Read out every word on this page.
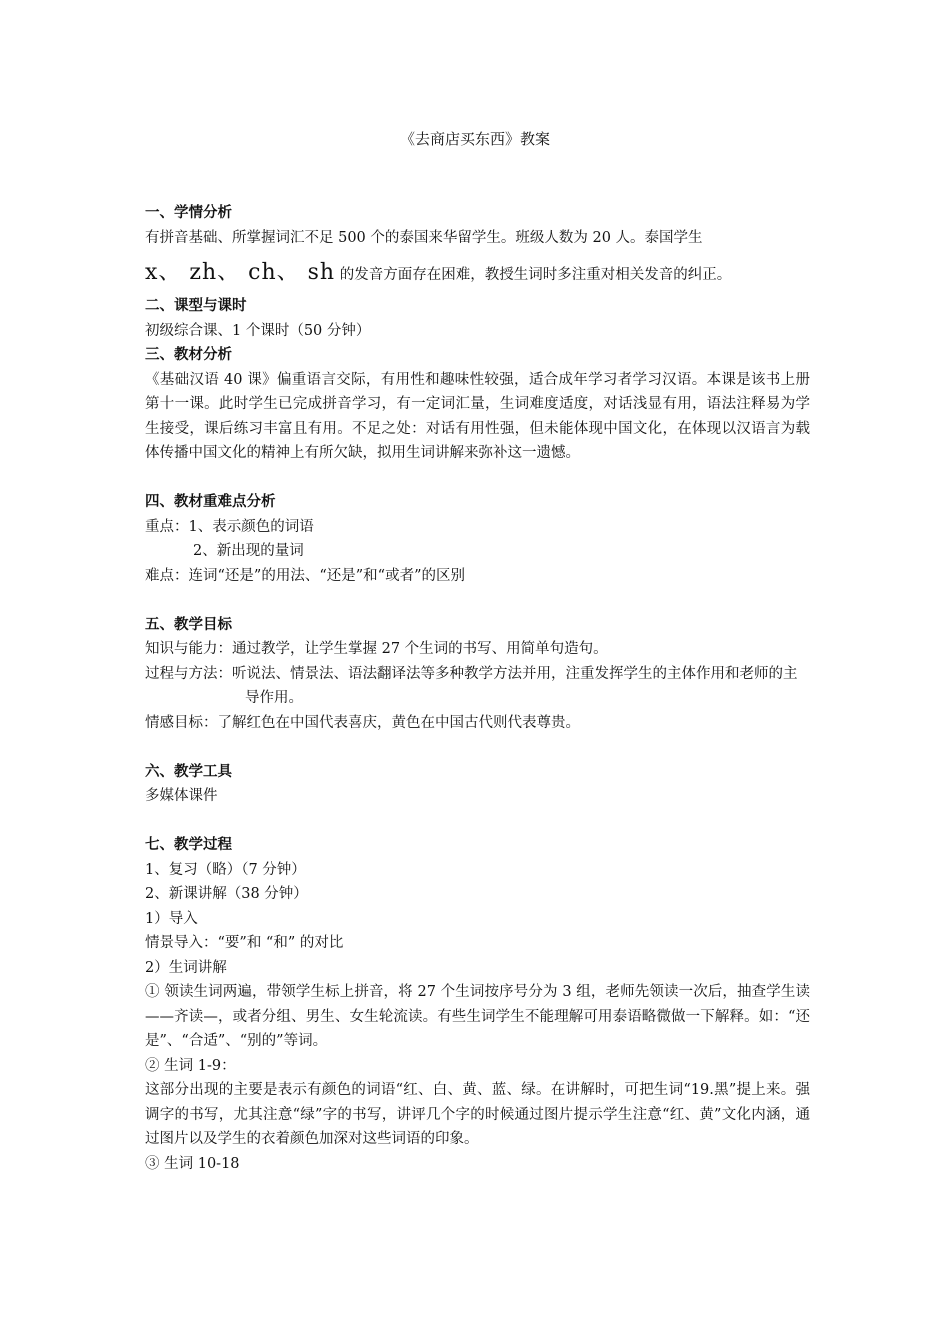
《去商店买东西》教案

一、学情分析

有拼音基础、所掌握词汇不足 500 个的泰国来华留学生。班级人数为 20 人。泰国学生

x、 zh、 ch、 sh 的发音方面存在困难，教授生词时多注重对相关发音的纠正。

二、课型与课时

初级综合课、1 个课时（50 分钟）

三、教材分析

《基础汉语 40 课》偏重语言交际，有用性和趣味性较强，适合成年学习者学习汉语。本课是该书上册第十一课。此时学生已完成拼音学习，有一定词汇量，生词难度适度，对话浅显有用，语法注释易为学生接受，课后练习丰富且有用。不足之处：对话有用性强，但未能体现中国文化，在体现以汉语言为载体传播中国文化的精神上有所欠缺，拟用生词讲解来弥补这一遗憾。

四、教材重难点分析

重点：1、表示颜色的词语

2、新出现的量词

难点：连词“还是”的用法、“还是”和“或者”的区别

五、教学目标

知识与能力：通过教学，让学生掌握 27 个生词的书写、用简单句造句。

过程与方法：听说法、情景法、语法翻译法等多种教学方法并用，注重发挥学生的主体作用和老师的主导作用。

情感目标：了解红色在中国代表喜庆，黄色在中国古代则代表尊贵。

六、教学工具

多媒体课件

七、教学过程

1、复习（略）（7 分钟）

2、新课讲解（38 分钟）

1）导入

情景导入：“要”和 “和” 的对比

2）生词讲解

① 领读生词两遍，带领学生标上拼音，将 27 个生词按序号分为 3 组，老师先领读一次后，抽查学生读——齐读—，或者分组、男生、女生轮流读。有些生词学生不能理解可用泰语略微做一下解释。如：“还是”、“合适”、“别的”等词。

② 生词 1-9：

这部分出现的主要是表示有颜色的词语“红、白、黄、蓝、绿。在讲解时，可把生词“19.黑”提上来。强调字的书写，尤其注意“绿”字的书写，讲评几个字的时候通过图片提示学生注意“红、黄”文化内涵，通过图片以及学生的衣着颜色加深对这些词语的印象。

③ 生词 10-18
